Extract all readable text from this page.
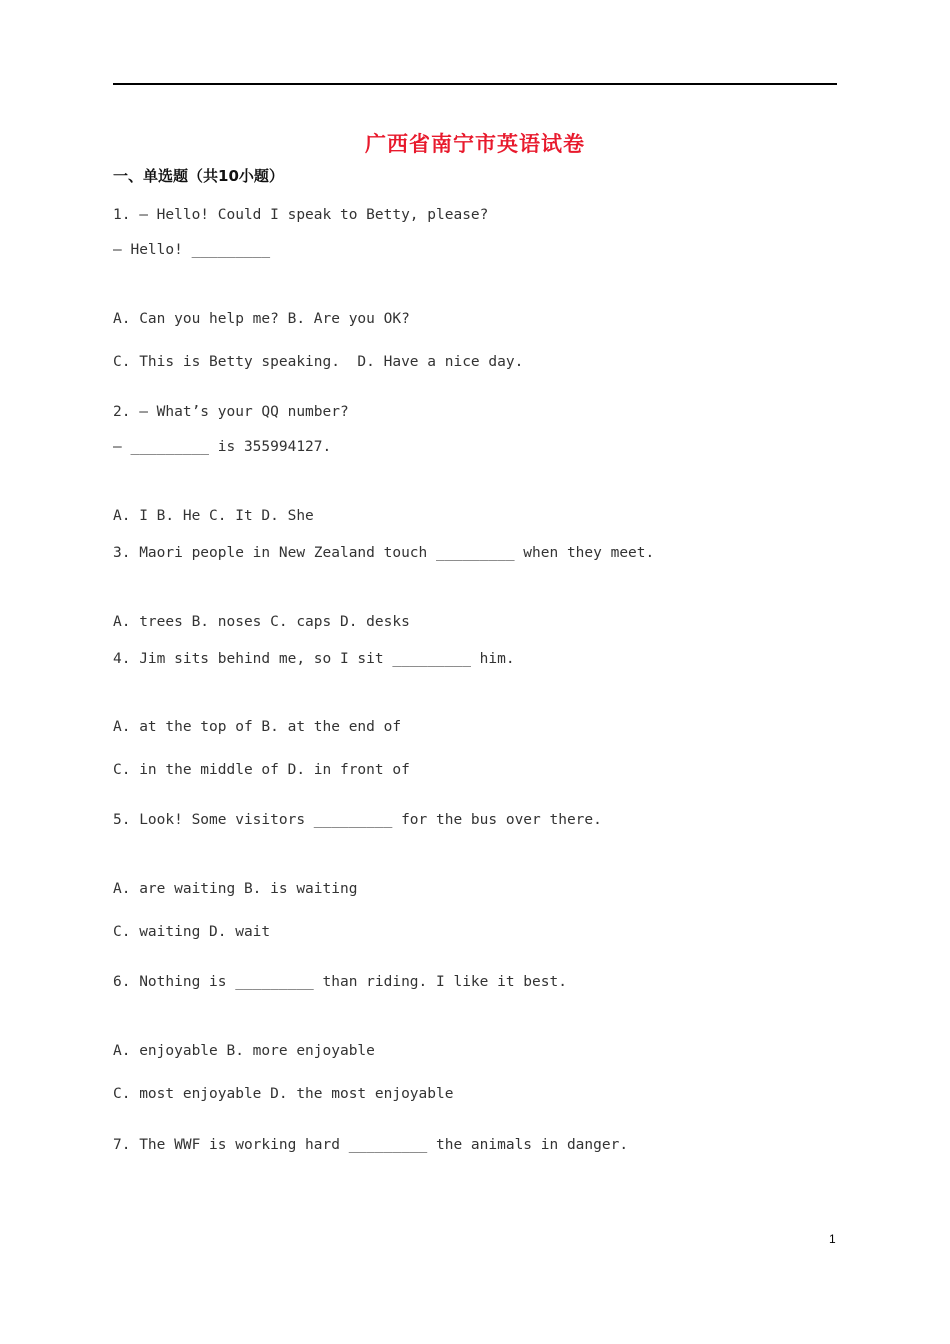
广西省南宁市英语试卷
一、单选题（共10小题）
1. — Hello! Could I speak to Betty, please?
— Hello! _________
A. Can you help me? B. Are you OK?
C. This is Betty speaking.  D. Have a nice day.
2. — What’s your QQ number?
— _________ is 355994127.
A. I B. He C. It D. She
3. Maori people in New Zealand touch _________ when they meet.
A. trees B. noses C. caps D. desks
4. Jim sits behind me, so I sit _________ him.
A. at the top of B. at the end of
C. in the middle of D. in front of
5. Look! Some visitors _________ for the bus over there.
A. are waiting B. is waiting
C. waiting D. wait
6. Nothing is _________ than riding. I like it best.
A. enjoyable B. more enjoyable
C. most enjoyable D. the most enjoyable
7. The WWF is working hard _________ the animals in danger.
1
